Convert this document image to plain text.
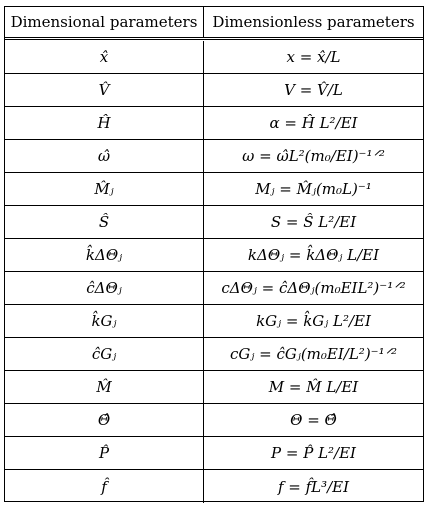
Dimensional parameters	Dimensionless parameters
x̂	x = x̂/L
V̂	V = V̂/L
Ĥ	α = Ĥ L²/EI
ω̂	ω = ω̂L²(m₀/EI)⁻¹ᐟ²
M̂ⱼ	Mⱼ = M̂ⱼ(m₀L)⁻¹
Ŝ	S = Ŝ L²/EI
k̂ΔΘⱼ	kΔΘⱼ = k̂ΔΘⱼ L/EI
ĉΔΘⱼ	cΔΘⱼ = ĉΔΘⱼ(m₀EIL²)⁻¹ᐟ²
k̂Gⱼ	kGⱼ = k̂Gⱼ L²/EI
ĉGⱼ	cGⱼ = ĉGⱼ(m₀EI/L²)⁻¹ᐟ²
M̂	M = M̂ L/EI
Θ̂	Θ = Θ̂
P̂	P = P̂ L²/EI
f̂	f = f̂L³/EI
